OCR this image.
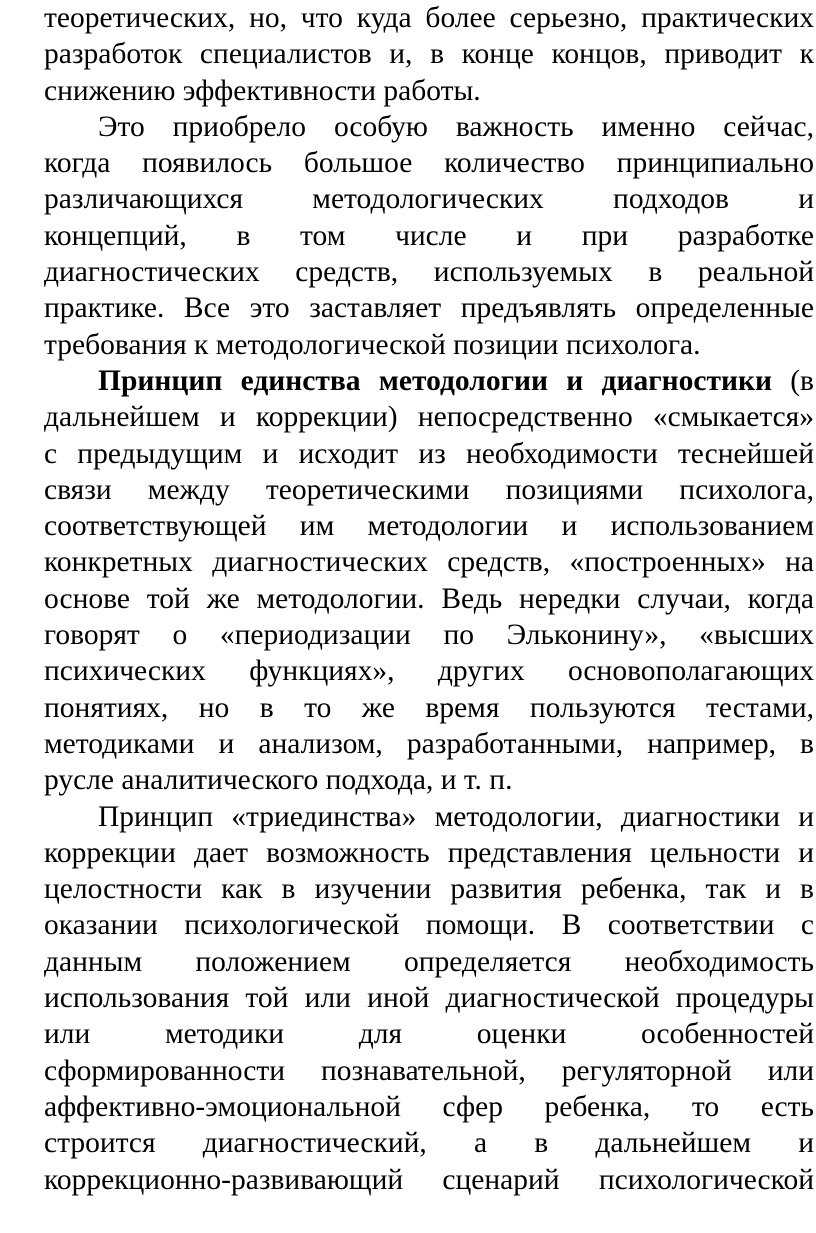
теоретических, но, что куда более серьезно, практических
разработок специалистов и, в конце концов, приводит к
снижению эффективности работы.
Это приобрело особую важность именно сейчас,
когда появилось большое количество принципиально
различающихся методологических подходов и
концепций, в том числе и при разработке
диагностических средств, используемых в реальной
практике. Все это заставляет предъявлять определенные
требования к методологической позиции психолога.
Принцип единства методологии и диагностики (в
дальнейшем и коррекции) непосредственно «смыкается»
с предыдущим и исходит из необходимости теснейшей
связи между теоретическими позициями психолога,
соответствующей им методологии и использованием
конкретных диагностических средств, «построенных» на
основе той же методологии. Ведь нередки случаи, когда
говорят о «периодизации по Эльконину», «высших
психических функциях», других основополагающих
понятиях, но в то же время пользуются тестами,
методиками и анализом, разработанными, например, в
русле аналитического подхода, и т. п.
Принцип «триединства» методологии, диагностики и
коррекции дает возможность представления цельности и
целостности как в изучении развития ребенка, так и в
оказании психологической помощи. В соответствии с
данным положением определяется необходимость
использования той или иной диагностической процедуры
или методики для оценки особенностей
сформированности познавательной, регуляторной или
аффективно-эмоциональной сфер ребенка, то есть
строится диагностический, а в дальнейшем и
коррекционно-развивающий сценарий психологической
